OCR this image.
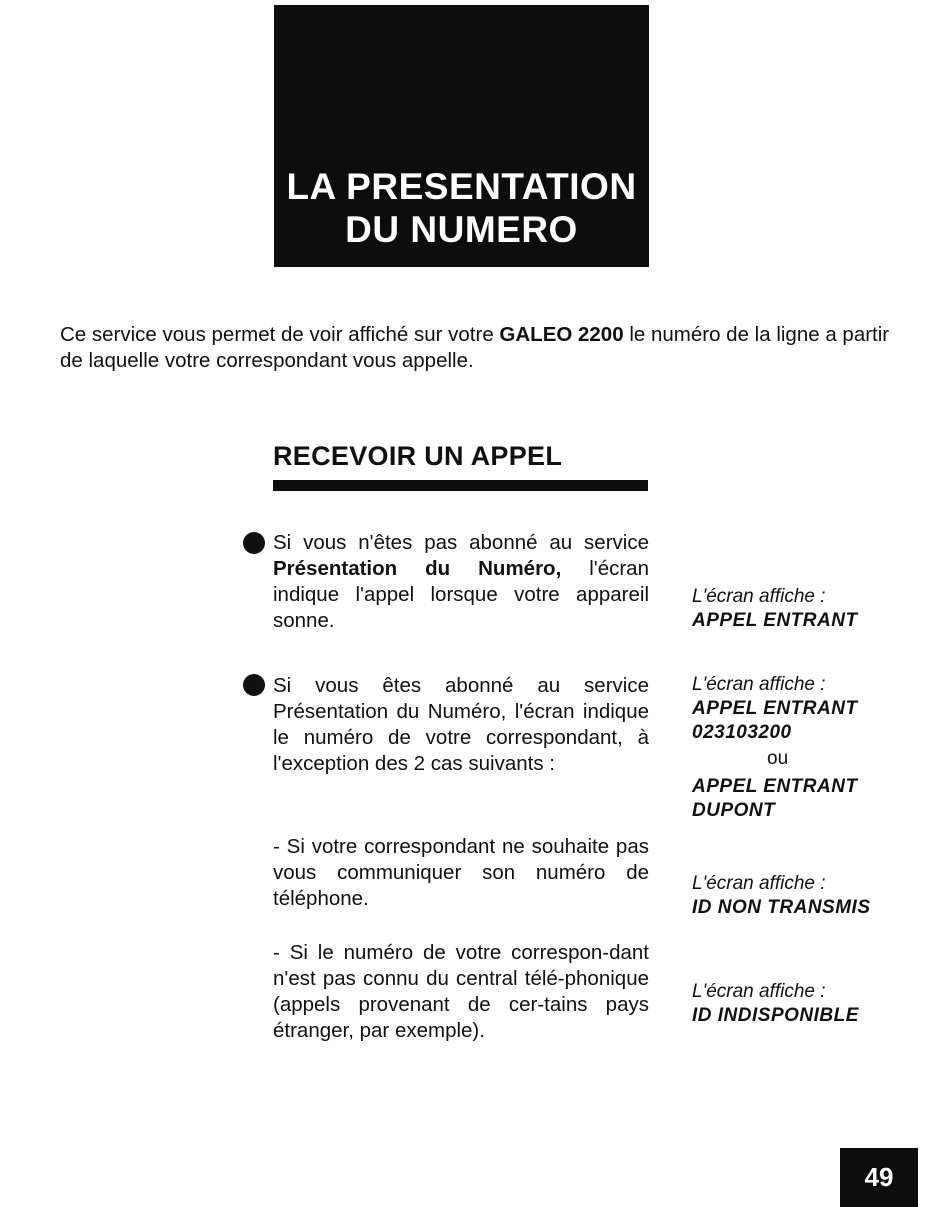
LA PRESENTATION
DU NUMERO

Ce service vous permet de voir affiché sur votre GALEO 2200 le numéro de la ligne a partir de laquelle votre correspondant vous appelle.

RECEVOIR UN APPEL

Si vous n'êtes pas abonné au service Présentation du Numéro, l'écran indique l'appel lorsque votre appareil sonne.

L'écran affiche :
APPEL ENTRANT

Si vous êtes abonné au service Présentation du Numéro, l'écran indique le numéro de votre correspondant, à l'exception des 2 cas suivants :

L'écran affiche :
APPEL ENTRANT
023103200
ou
APPEL ENTRANT
DUPONT

- Si votre correspondant ne souhaite pas vous communiquer son numéro de téléphone.

L'écran affiche :
ID NON TRANSMIS

- Si le numéro de votre correspon-dant n'est pas connu du central télé-phonique (appels provenant de cer-tains pays étranger, par exemple).

L'écran affiche :
ID INDISPONIBLE
49
